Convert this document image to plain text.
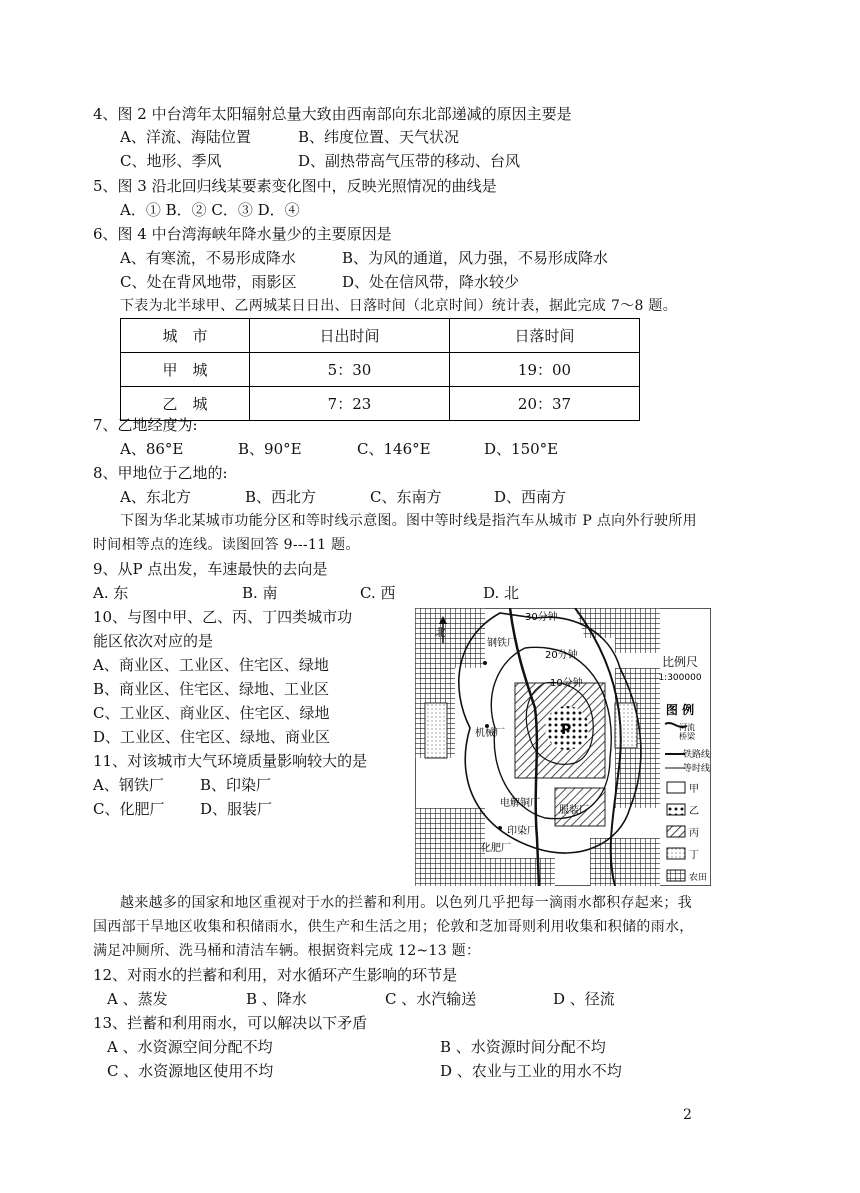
4、图 2 中台湾年太阳辐射总量大致由西南部向东北部递减的原因主要是
A、洋流、海陆位置	B、纬度位置、天气状况
C、地形、季风	D、副热带高气压带的移动、台风
5、图 3 沿北回归线某要素变化图中，反映光照情况的曲线是
A．① B．② C．③ D．④
6、图 4 中台湾海峡年降水量少的主要原因是
A、有寒流，不易形成降水	B、为风的通道，风力强，不易形成降水
C、处在背风地带，雨影区	D、处在信风带，降水较少
下表为北半球甲、乙两城某日日出、日落时间（北京时间）统计表，据此完成 7～8 题。
城　市	日出时间	日落时间
甲　城	5：30	19：00
乙　城	7：23	20：37
7、乙地经度为:
A、86°E	B、90°E	C、146°E	D、150°E
8、甲地位于乙地的:
A、东北方	B、西北方	C、东南方	D、西南方
下图为华北某城市功能分区和等时线示意图。图中等时线是指汽车从城市 P 点向外行驶所用
时间相等点的连线。读图回答 9---11 题。
9、从P 点出发，车速最快的去向是
A. 东	B. 南	C. 西	D. 北
10、与图中甲、乙、丙、丁四类城市功
能区依次对应的是
A、商业区、工业区、住宅区、绿地
B、商业区、住宅区、绿地、工业区
C、工业区、商业区、住宅区、绿地
D、工业区、住宅区、绿地、商业区
11、对该城市大气环境质量影响较大的是
A、钢铁厂 B、印染厂
C、化肥厂 D、服装厂
北
30分钟
20分钟
10分钟
P
钢铁厂
机械厂
电解铜厂
服装厂
印染厂
化肥厂
比例尺
1:300000
图 例
河流
桥梁
铁路线
等时线
甲
乙
丙
丁
农田
越来越多的国家和地区重视对于水的拦蓄和利用。以色列几乎把每一滴雨水都积存起来；我
国西部干旱地区收集和积储雨水，供生产和生活之用；伦敦和芝加哥则利用收集和积储的雨水，
满足冲厕所、洗马桶和清洁车辆。根据资料完成 12~13 题：
12、对雨水的拦蓄和利用，对水循环产生影响的环节是
A 、蒸发	B 、降水	C 、水汽输送	D 、径流
13、拦蓄和利用雨水，可以解决以下矛盾
A 、水资源空间分配不均	B 、水资源时间分配不均
C 、水资源地区使用不均	D 、农业与工业的用水不均
2
